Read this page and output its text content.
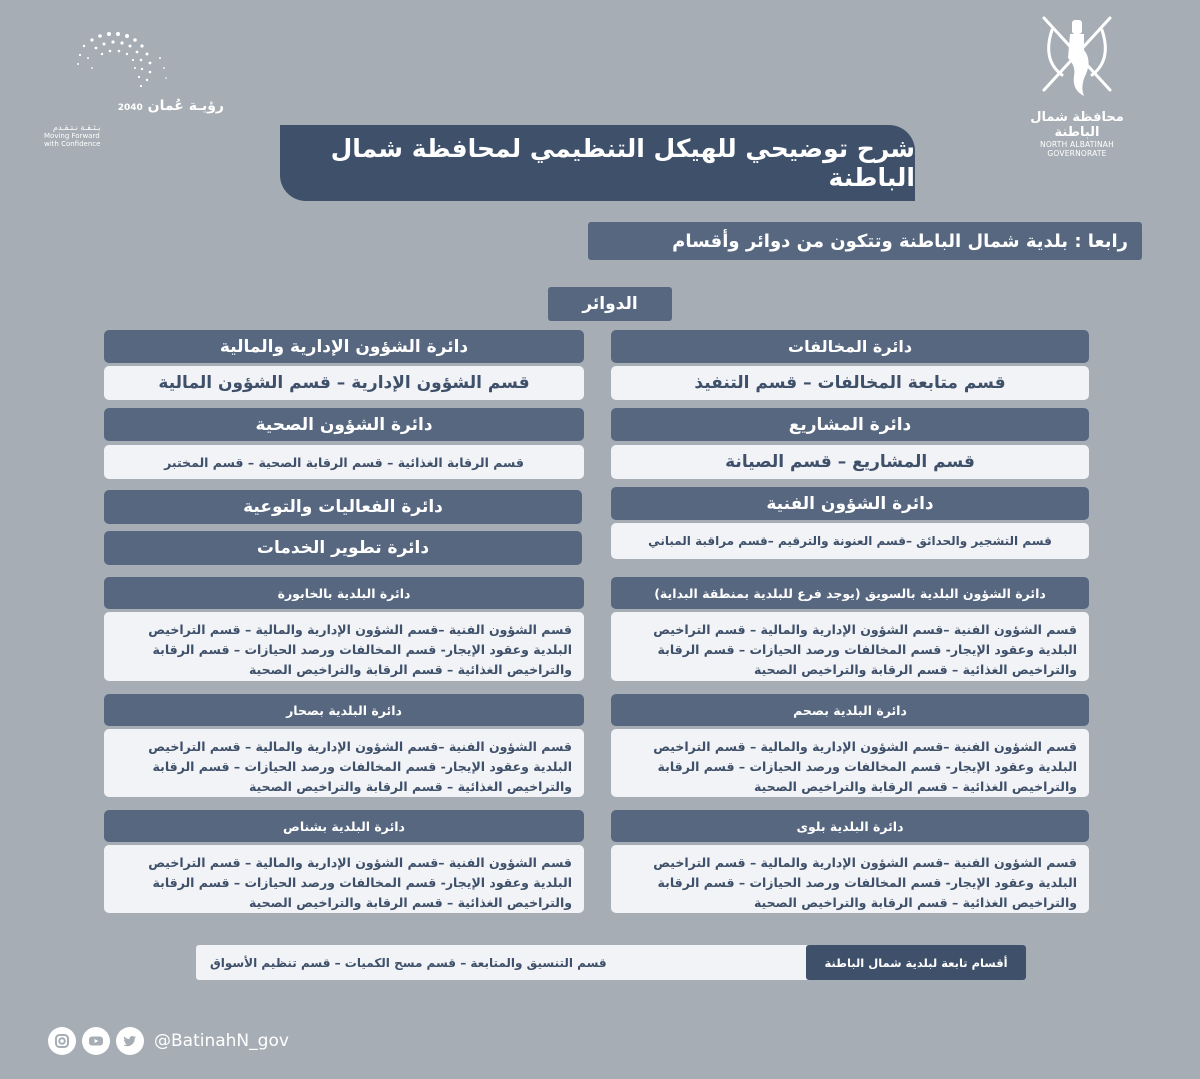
محافظة شمال الباطنة
NORTH ALBATINAH GOVERNORATE
رؤيـة عُمان 2040
بـثـقـة نـتـقـدم
Moving Forward
with Confidence	شرح توضيحي للهيكل التنظيمي لمحافظة شمال الباطنة
رابعا : بلدية شمال الباطنة وتتكون من دوائر وأقسام
الدوائر
دائرة المخالفات
قسم متابعة المخالفات – قسم التنفيذ
دائرة المشاريع
قسم المشاريع – قسم الصيانة
دائرة الشؤون الفنية
قسم التشجير والحدائق –قسم العنونة والترقيم –قسم مراقبة المباني
دائرة الشؤون البلدية بالسويق (يوجد فرع للبلدية بمنطقة البداية)
قسم الشؤون الفنية –قسم الشؤون الإدارية والمالية – قسم التراخيص
البلدية وعقود الإيجار- قسم المخالفات ورصد الحيازات – قسم الرقابة
والتراخيص الغذائية – قسم الرقابة والتراخيص الصحية
دائرة البلدية بصحم
قسم الشؤون الفنية –قسم الشؤون الإدارية والمالية – قسم التراخيص
البلدية وعقود الإيجار- قسم المخالفات ورصد الحيازات – قسم الرقابة
والتراخيص الغذائية – قسم الرقابة والتراخيص الصحية
دائرة البلدية بلوى
قسم الشؤون الفنية –قسم الشؤون الإدارية والمالية – قسم التراخيص
البلدية وعقود الإيجار- قسم المخالفات ورصد الحيازات – قسم الرقابة
والتراخيص الغذائية – قسم الرقابة والتراخيص الصحية
دائرة الشؤون الإدارية والمالية
قسم الشؤون الإدارية – قسم الشؤون المالية
دائرة الشؤون الصحية
قسم الرقابة الغذائية – قسم الرقابة الصحية – قسم المختبر
دائرة الفعاليات والتوعية
دائرة تطوير الخدمات
دائرة البلدية بالخابورة
قسم الشؤون الفنية –قسم الشؤون الإدارية والمالية – قسم التراخيص
البلدية وعقود الإيجار- قسم المخالفات ورصد الحيازات – قسم الرقابة
والتراخيص الغذائية – قسم الرقابة والتراخيص الصحية
دائرة البلدية بصحار
قسم الشؤون الفنية –قسم الشؤون الإدارية والمالية – قسم التراخيص
البلدية وعقود الإيجار- قسم المخالفات ورصد الحيازات – قسم الرقابة
والتراخيص الغذائية – قسم الرقابة والتراخيص الصحية
دائرة البلدية بشناص
قسم الشؤون الفنية –قسم الشؤون الإدارية والمالية – قسم التراخيص
البلدية وعقود الإيجار- قسم المخالفات ورصد الحيازات – قسم الرقابة
والتراخيص الغذائية – قسم الرقابة والتراخيص الصحية
أقسام تابعة لبلدية شمال الباطنة
قسم التنسيق والمتابعة – قسم مسح الكميات – قسم تنظيم الأسواق
@BatinahN_gov
